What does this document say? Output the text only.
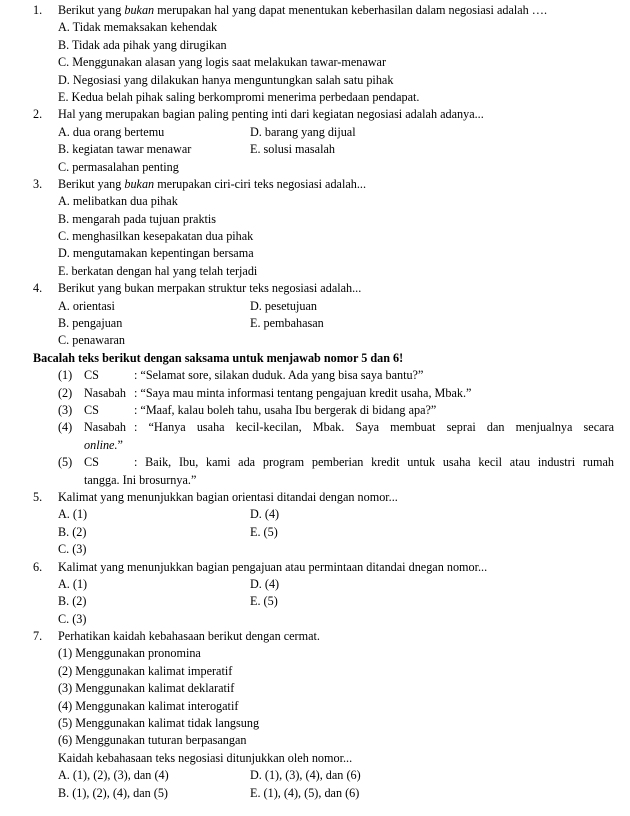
1. Berikut yang bukan merupakan hal yang dapat menentukan keberhasilan dalam negosiasi adalah ….
A. Tidak memaksakan kehendak
B. Tidak ada pihak yang dirugikan
C. Menggunakan alasan yang logis saat melakukan tawar-menawar
D. Negosiasi yang dilakukan hanya menguntungkan salah satu pihak
E. Kedua belah pihak saling berkompromi menerima perbedaan pendapat.
2. Hal yang merupakan bagian paling penting inti dari kegiatan negosiasi adalah adanya...
A. dua orang bertemu	D. barang yang dijual
B. kegiatan tawar menawar	E. solusi masalah
C. permasalahan penting
3. Berikut yang bukan merupakan ciri-ciri teks negosiasi adalah...
A. melibatkan dua pihak
B. mengarah pada tujuan praktis
C. menghasilkan kesepakatan dua pihak
D. mengutamakan kepentingan bersama
E. berkatan dengan hal yang telah terjadi
4. Berikut yang bukan merpakan struktur teks negosiasi adalah...
A. orientasi	D. pesetujuan
B. pengajuan	E. pembahasan
C. penawaran
Bacalah teks berikut dengan saksama untuk menjawab nomor 5 dan 6!
(1) CS	: “Selamat sore, silakan duduk. Ada yang bisa saya bantu?”
(2) Nasabah : “Saya mau minta informasi tentang pengajuan kredit usaha, Mbak.”
(3) CS	: “Maaf, kalau boleh tahu, usaha Ibu bergerak di bidang apa?”
(4) Nasabah : “Hanya usaha kecil-kecilan, Mbak. Saya membuat seprai dan menjualnya secara
online.”
(5) CS	: Baik, Ibu, kami ada program pemberian kredit untuk usaha kecil atau industri rumah
tangga. Ini brosurnya.”
5. Kalimat yang menunjukkan bagian orientasi ditandai dengan nomor...
A. (1)	D. (4)
B. (2)	E. (5)
C. (3)
6. Kalimat yang menunjukkan bagian pengajuan atau permintaan ditandai dnegan nomor...
A. (1)	D. (4)
B. (2)	E. (5)
C. (3)
7. Perhatikan kaidah kebahasaan berikut dengan cermat.
(1) Menggunakan pronomina
(2) Menggunakan kalimat imperatif
(3) Menggunakan kalimat deklaratif
(4) Menggunakan kalimat interogatif
(5) Menggunakan kalimat tidak langsung
(6) Menggunakan tuturan berpasangan
Kaidah kebahasaan teks negosiasi ditunjukkan oleh nomor...
A. (1), (2), (3), dan (4)	D. (1), (3), (4), dan (6)
B. (1), (2), (4), dan (5)	E. (1), (4), (5), dan (6)
